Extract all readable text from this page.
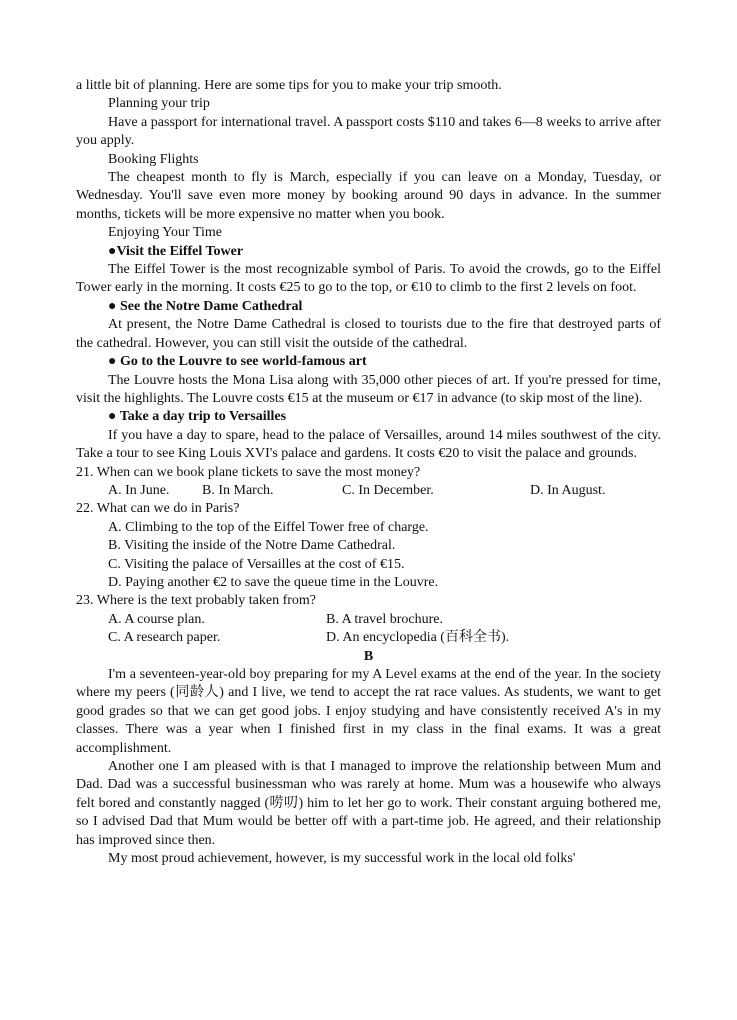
a little bit of planning. Here are some tips for you to make your trip smooth.

Planning your trip

Have a passport for international travel. A passport costs $110 and takes 6—8 weeks to arrive after you apply.

Booking Flights

The cheapest month to fly is March, especially if you can leave on a Monday, Tuesday, or Wednesday. You'll save even more money by booking around 90 days in advance. In the summer months, tickets will be more expensive no matter when you book.

Enjoying Your Time

●Visit the Eiffel Tower

The Eiffel Tower is the most recognizable symbol of Paris. To avoid the crowds, go to the Eiffel Tower early in the morning. It costs €25 to go to the top, or €10 to climb to the first 2 levels on foot.

● See the Notre Dame Cathedral

At present, the Notre Dame Cathedral is closed to tourists due to the fire that destroyed parts of the cathedral. However, you can still visit the outside of the cathedral.

● Go to the Louvre to see world-famous art

The Louvre hosts the Mona Lisa along with 35,000 other pieces of art. If you're pressed for time, visit the highlights. The Louvre costs €15 at the museum or €17 in advance (to skip most of the line).

● Take a day trip to Versailles

If you have a day to spare, head to the palace of Versailles, around 14 miles southwest of the city. Take a tour to see King Louis XVI's palace and gardens. It costs €20 to visit the palace and grounds.

21. When can we book plane tickets to save the most money?

A. In June.	B. In March.	C. In December.	D. In August.

22. What can we do in Paris?

A. Climbing to the top of the Eiffel Tower free of charge.

B. Visiting the inside of the Notre Dame Cathedral.

C. Visiting the palace of Versailles at the cost of €15.

D. Paying another €2 to save the queue time in the Louvre.

23. Where is the text probably taken from?

A. A course plan.	B. A travel brochure.
C. A research paper.	D. An encyclopedia (百科全书).

B

I'm a seventeen-year-old boy preparing for my A Level exams at the end of the year. In the society where my peers (同龄人) and I live, we tend to accept the rat race values. As students, we want to get good grades so that we can get good jobs. I enjoy studying and have consistently received A's in my classes. There was a year when I finished first in my class in the final exams. It was a great accomplishment.

Another one I am pleased with is that I managed to improve the relationship between Mum and Dad. Dad was a successful businessman who was rarely at home. Mum was a housewife who always felt bored and constantly nagged (唠叨) him to let her go to work. Their constant arguing bothered me, so I advised Dad that Mum would be better off with a part-time job. He agreed, and their relationship has improved since then.

My most proud achievement, however, is my successful work in the local old folks'
